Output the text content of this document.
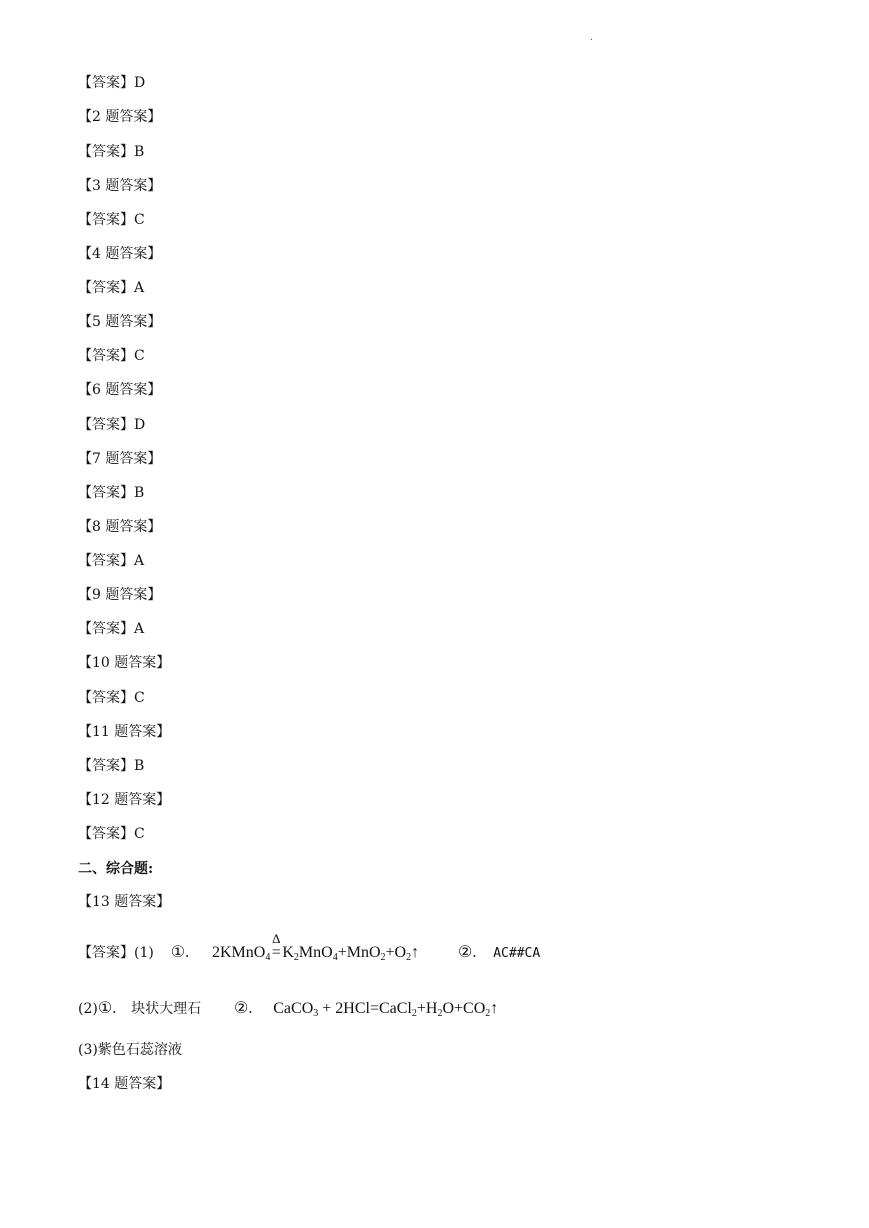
.
【答案】D
【2 题答案】
【答案】B
【3 题答案】
【答案】C
【4 题答案】
【答案】A
【5 题答案】
【答案】C
【6 题答案】
【答案】D
【7 题答案】
【答案】B
【8 题答案】
【答案】A
【9 题答案】
【答案】A
【10 题答案】
【答案】C
【11 题答案】
【答案】B
【12 题答案】
【答案】C
二、综合题:
【13 题答案】
【答案】(1) ①. 2KMnO$_4$
Δ
$=K_2MnO_4+MnO_2+O_2↑$ ②. AC##CA
(2)①. 块状大理石 ②. CaCO$_3$ + $2HCl=CaCl_2+H_2O+CO_2↑$
(3)紫色石蕊溶液
【14 题答案】
